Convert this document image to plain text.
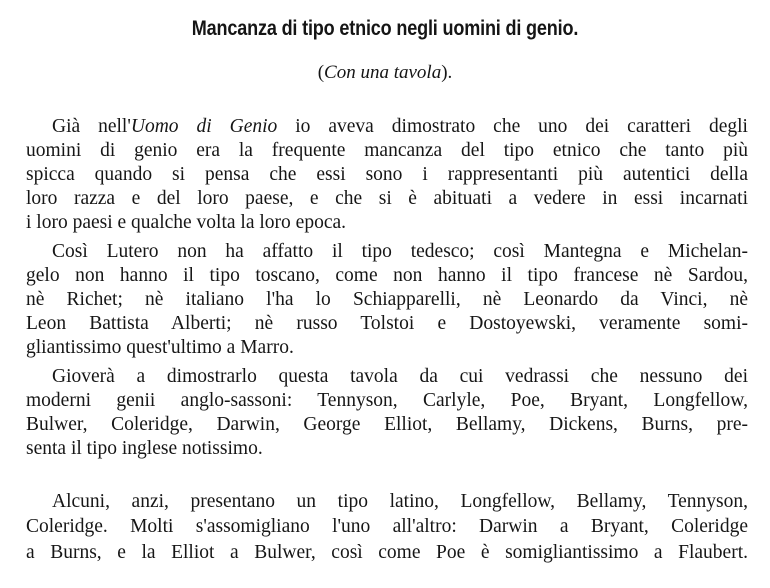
Mancanza di tipo etnico negli uomini di genio.
(Con una tavola).
Già nell'Uomo di Genio io aveva dimostrato che uno dei caratteri degli
uomini di genio era la frequente mancanza del tipo etnico che tanto più
spicca quando si pensa che essi sono i rappresentanti più autentici della
loro razza e del loro paese, e che si è abituati a vedere in essi incarnati
i loro paesi e qualche volta la loro epoca.
Così Lutero non ha affatto il tipo tedesco; così Mantegna e Michelan-
gelo non hanno il tipo toscano, come non hanno il tipo francese nè Sardou,
nè Richet; nè italiano l'ha lo Schiapparelli, nè Leonardo da Vinci, nè
Leon Battista Alberti; nè russo Tolstoi e Dostoyewski, veramente somi-
gliantissimo quest'ultimo a Marro.
Gioverà a dimostrarlo questa tavola da cui vedrassi che nessuno dei
moderni genii anglo-sassoni: Tennyson, Carlyle, Poe, Bryant, Longfellow,
Bulwer, Coleridge, Darwin, George Elliot, Bellamy, Dickens, Burns, pre-
senta il tipo inglese notissimo.
Alcuni, anzi, presentano un tipo latino, Longfellow, Bellamy, Tennyson,
Coleridge. Molti s'assomigliano l'uno all'altro: Darwin a Bryant, Coleridge
a Burns, e la Elliot a Bulwer, così come Poe è somigliantissimo a Flaubert.
